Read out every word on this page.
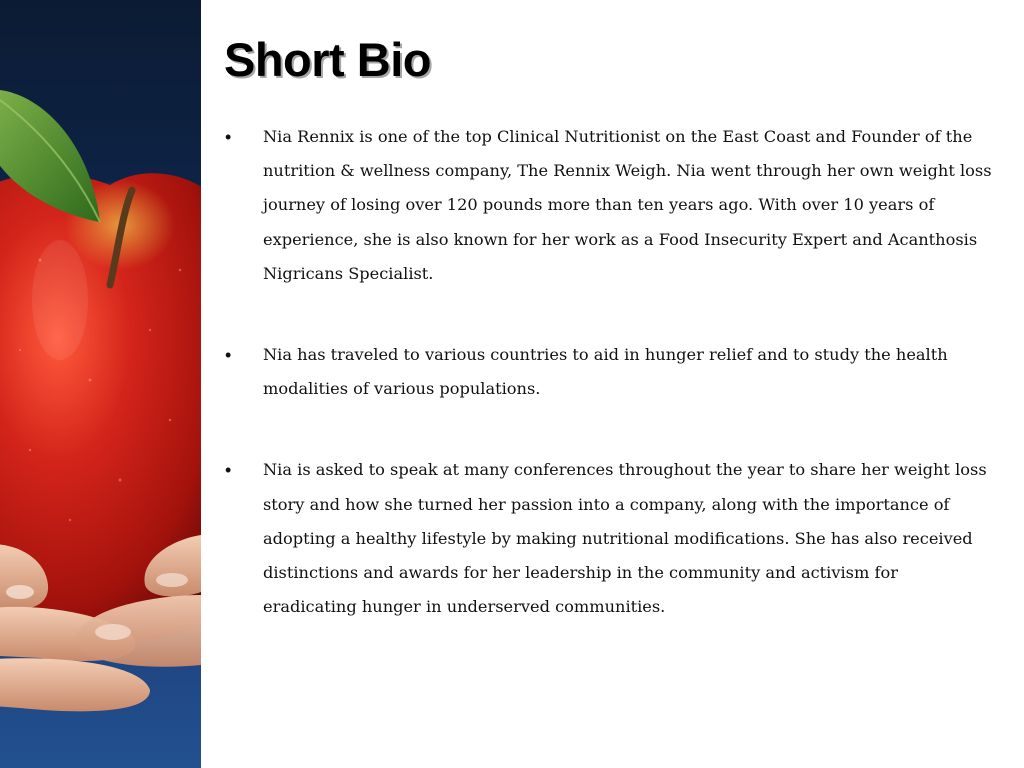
Short Bio
• Nia Rennix is one of the top Clinical Nutritionist on the East Coast and Founder of the nutrition & wellness company, The Rennix Weigh. Nia went through her own weight loss journey of losing over 120 pounds more than ten years ago. With over 10 years of experience, she is also known for her work as a Food Insecurity Expert and Acanthosis Nigricans Specialist.
• Nia has traveled to various countries to aid in hunger relief and to study the health modalities of various populations.
• Nia is asked to speak at many conferences throughout the year to share her weight loss story and how she turned her passion into a company, along with the importance of adopting a healthy lifestyle by making nutritional modifications. She has also received distinctions and awards for her leadership in the community and activism for eradicating hunger in underserved communities.
